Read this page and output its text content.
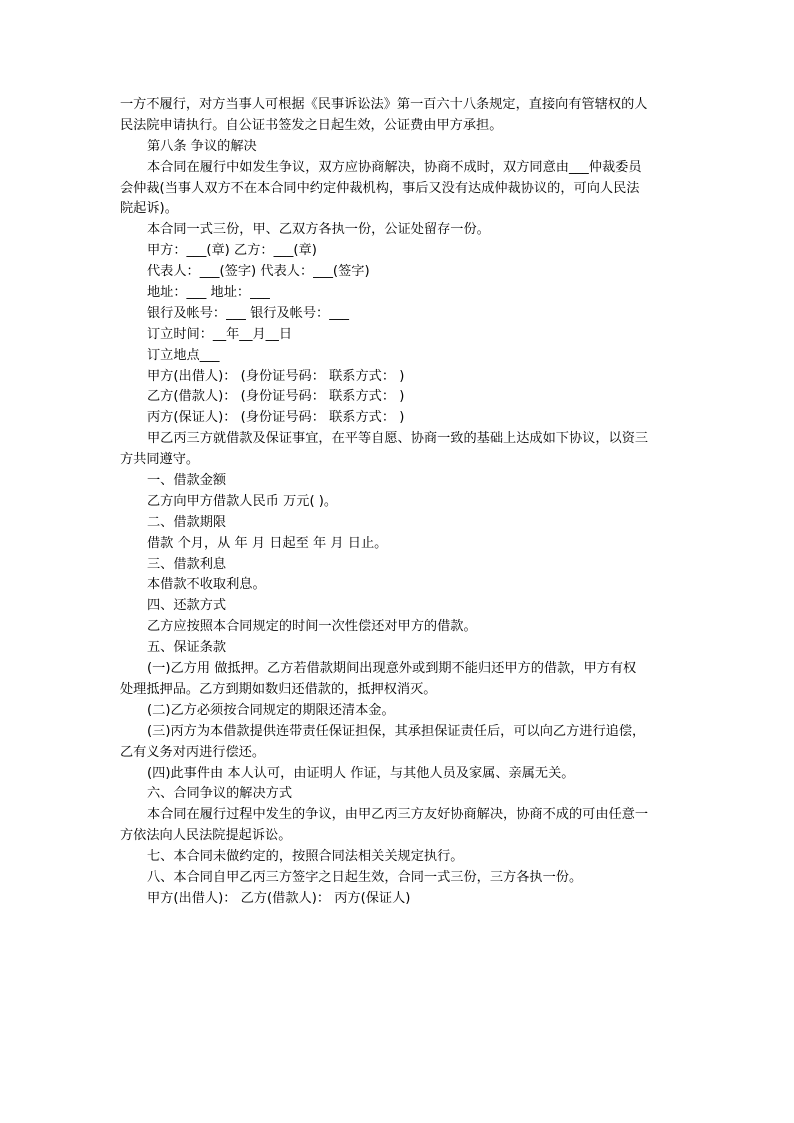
一方不履行，对方当事人可根据《民事诉讼法》第一百六十八条规定，直接向有管辖权的人
民法院申请执行。自公证书签发之日起生效，公证费由甲方承担。
第八条 争议的解决
本合同在履行中如发生争议，双方应协商解决，协商不成时，双方同意由___仲裁委员
会仲裁(当事人双方不在本合同中约定仲裁机构，事后又没有达成仲裁协议的，可向人民法
院起诉)。
本合同一式三份，甲、乙双方各执一份，公证处留存一份。
甲方：___(章) 乙方：___(章)
代表人：___(签字) 代表人：___(签字)
地址：___ 地址：___
银行及帐号：___ 银行及帐号：___
订立时间：__年__月__日
订立地点___
甲方(出借人)： (身份证号码： 联系方式： )
乙方(借款人)： (身份证号码： 联系方式： )
丙方(保证人)： (身份证号码： 联系方式： )
甲乙丙三方就借款及保证事宜，在平等自愿、协商一致的基础上达成如下协议，以资三
方共同遵守。
一、借款金额
乙方向甲方借款人民币 万元( )。
二、借款期限
借款 个月，从 年 月 日起至 年 月 日止。
三、借款利息
本借款不收取利息。
四、还款方式
乙方应按照本合同规定的时间一次性偿还对甲方的借款。
五、保证条款
(一)乙方用 做抵押。乙方若借款期间出现意外或到期不能归还甲方的借款，甲方有权
处理抵押品。乙方到期如数归还借款的，抵押权消灭。
(二)乙方必须按合同规定的期限还清本金。
(三)丙方为本借款提供连带责任保证担保，其承担保证责任后，可以向乙方进行追偿，
乙有义务对丙进行偿还。
(四)此事件由 本人认可，由证明人 作证，与其他人员及家属、亲属无关。
六、合同争议的解决方式
本合同在履行过程中发生的争议，由甲乙丙三方友好协商解决，协商不成的可由任意一
方依法向人民法院提起诉讼。
七、本合同未做约定的，按照合同法相关关规定执行。
八、本合同自甲乙丙三方签字之日起生效，合同一式三份，三方各执一份。
甲方(出借人)： 乙方(借款人)： 丙方(保证人)
